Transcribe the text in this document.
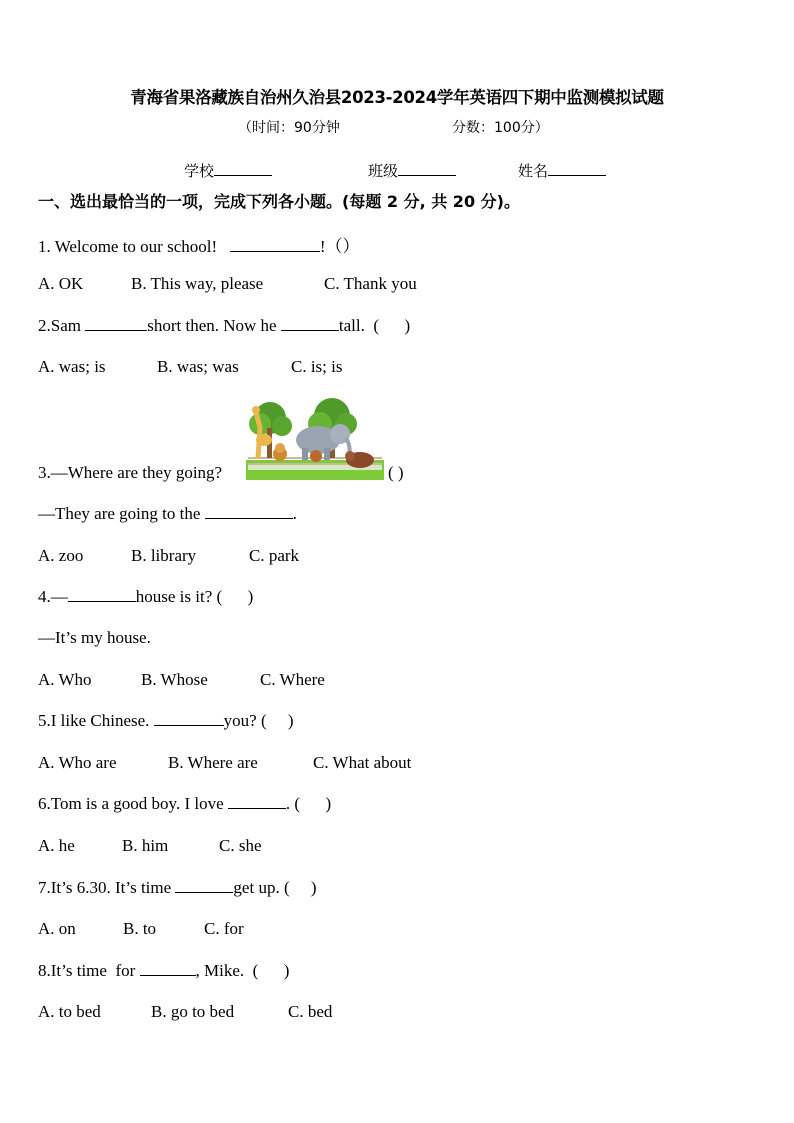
青海省果洛藏族自治州久治县2023-2024学年英语四下期中监测模拟试题
（时间：90分钟	分数：100分）
学校	班级	姓名
一、选出最恰当的一项，完成下列各小题。(每题 2 分, 共 20 分)。
1. Welcome to our school!	!（）
A. OK	B. This way, please	C. Thank you
2.Sam	short then. Now he	tall.  (      )
A. was; is	B. was; was	C. is; is
3.—Where are they going?	( )
—They are going to the	.
A. zoo	B. library	C. park
4.—	house is it? (      )
—It’s my house.
A. Who	B. Whose	C. Where
5.I like Chinese.	you? (     )
A. Who are	B. Where are	C. What about
6.Tom is a good boy. I love	. (      )
A. he	B. him	C. she
7.It’s 6.30. It’s time	get up. (     )
A. on	B. to	C. for
8.It’s time  for	, Mike.  (      )
A. to bed	B. go to bed	C. bed
